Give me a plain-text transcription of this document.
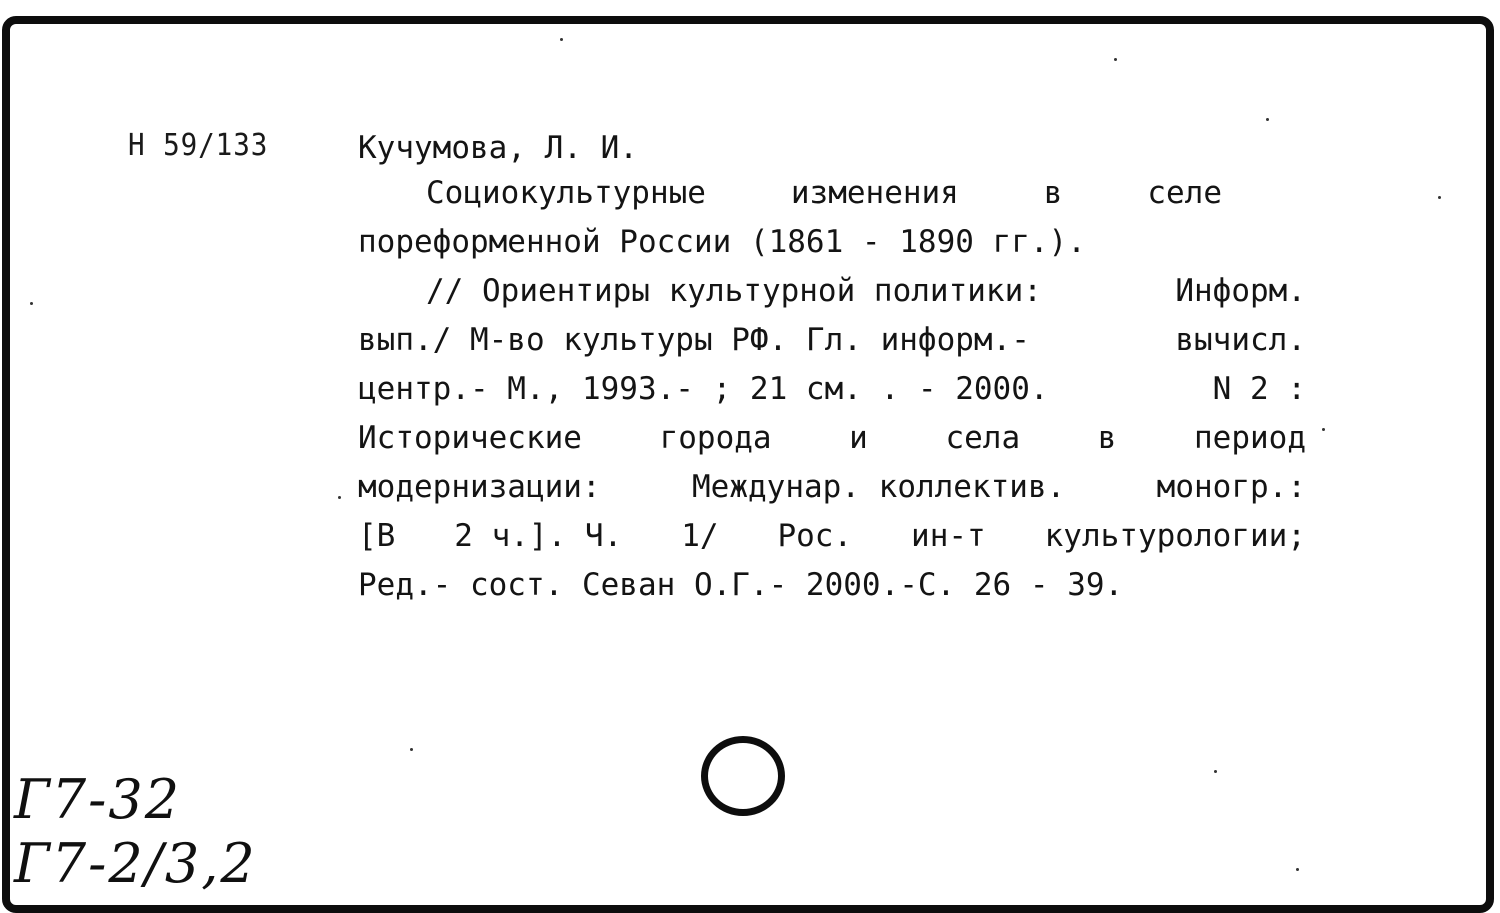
Н 59/133	Кучумова, Л. И.
Социокультурные	изменения	в	селе
пореформенной России (1861 - 1890 гг.).
// Ориентиры культурной политики:	Информ.
вып./ М-во культуры РФ. Гл. информ.-	вычисл.
центр.- М., 1993.- ; 21 см. . - 2000.	N 2 :
Исторические	города	и	села	в	период
модернизации:	Междунар. коллектив.	моногр.:
[В 2 ч.]. Ч. 1/ Рос. ин-т культурологии;
Ред.- сост. Севан О.Г.- 2000.-С. 26 - 39.
Г7-32
Г7-2/3,2
